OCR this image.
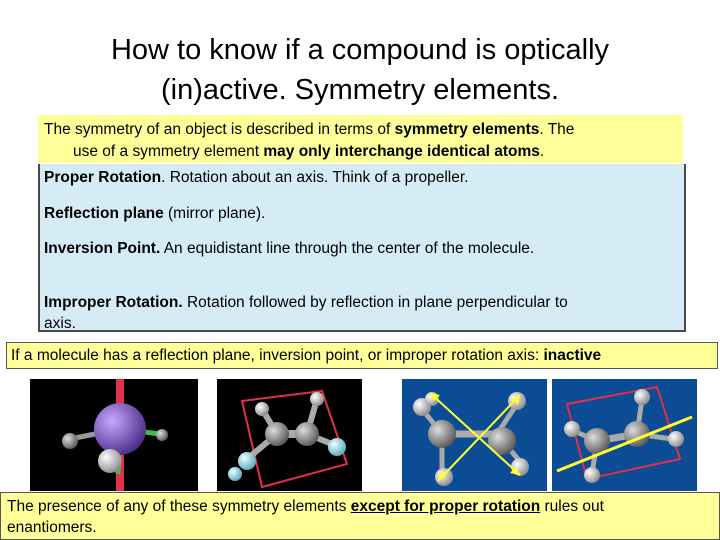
How to know if a compound is optically
(in)active. Symmetry elements.
The symmetry of an object is described in terms of symmetry elements. The
use of a symmetry element may only interchange identical atoms.
Proper Rotation. Rotation about an axis. Think of a propeller.
Reflection plane (mirror plane).
Inversion Point. An equidistant line through the center of the molecule.
Improper Rotation. Rotation followed by reflection in plane perpendicular to
axis.
If a molecule has a reflection plane, inversion point, or improper rotation axis: inactive
The presence of any of these symmetry elements except for proper rotation rules out
enantiomers.
